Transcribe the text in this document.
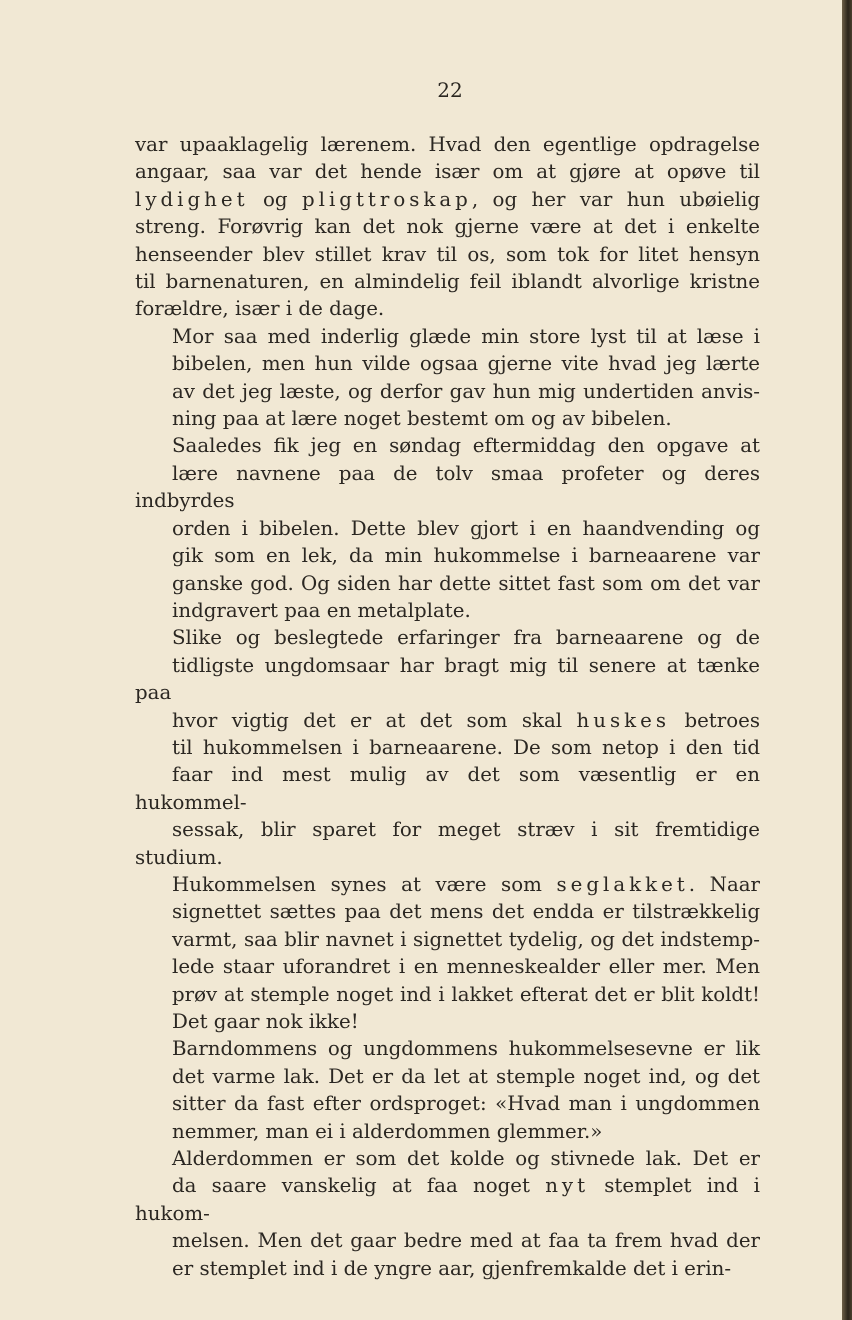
22
var upaaklagelig lærenem. Hvad den egentlige opdragelse
angaar, saa var det hende især om at gjøre at opøve til
lydighet og pligttroskap, og her var hun ubøielig
streng. Forøvrig kan det nok gjerne være at det i enkelte
henseender blev stillet krav til os, som tok for litet hensyn
til barnenaturen, en almindelig feil iblandt alvorlige kristne
forældre, især i de dage.
Mor saa med inderlig glæde min store lyst til at læse i
bibelen, men hun vilde ogsaa gjerne vite hvad jeg lærte
av det jeg læste, og derfor gav hun mig undertiden anvis-
ning paa at lære noget bestemt om og av bibelen.
Saaledes fik jeg en søndag eftermiddag den opgave at
lære navnene paa de tolv smaa profeter og deres indbyrdes
orden i bibelen. Dette blev gjort i en haandvending og
gik som en lek, da min hukommelse i barneaarene var
ganske god. Og siden har dette sittet fast som om det var
indgravert paa en metalplate.
Slike og beslegtede erfaringer fra barneaarene og de
tidligste ungdomsaar har bragt mig til senere at tænke paa
hvor vigtig det er at det som skal huskes betroes
til hukommelsen i barneaarene. De som netop i den tid
faar ind mest mulig av det som væsentlig er en hukommel-
sessak, blir sparet for meget stræv i sit fremtidige studium.
Hukommelsen synes at være som seglakket. Naar
signettet sættes paa det mens det endda er tilstrækkelig
varmt, saa blir navnet i signettet tydelig, og det indstemp-
lede staar uforandret i en menneskealder eller mer. Men
prøv at stemple noget ind i lakket efterat det er blit koldt!
Det gaar nok ikke!
Barndommens og ungdommens hukommelsesevne er lik
det varme lak. Det er da let at stemple noget ind, og det
sitter da fast efter ordsproget: «Hvad man i ungdommen
nemmer, man ei i alderdommen glemmer.»
Alderdommen er som det kolde og stivnede lak. Det er
da saare vanskelig at faa noget nyt stemplet ind i hukom-
melsen. Men det gaar bedre med at faa ta frem hvad der
er stemplet ind i de yngre aar, gjenfremkalde det i erin-
